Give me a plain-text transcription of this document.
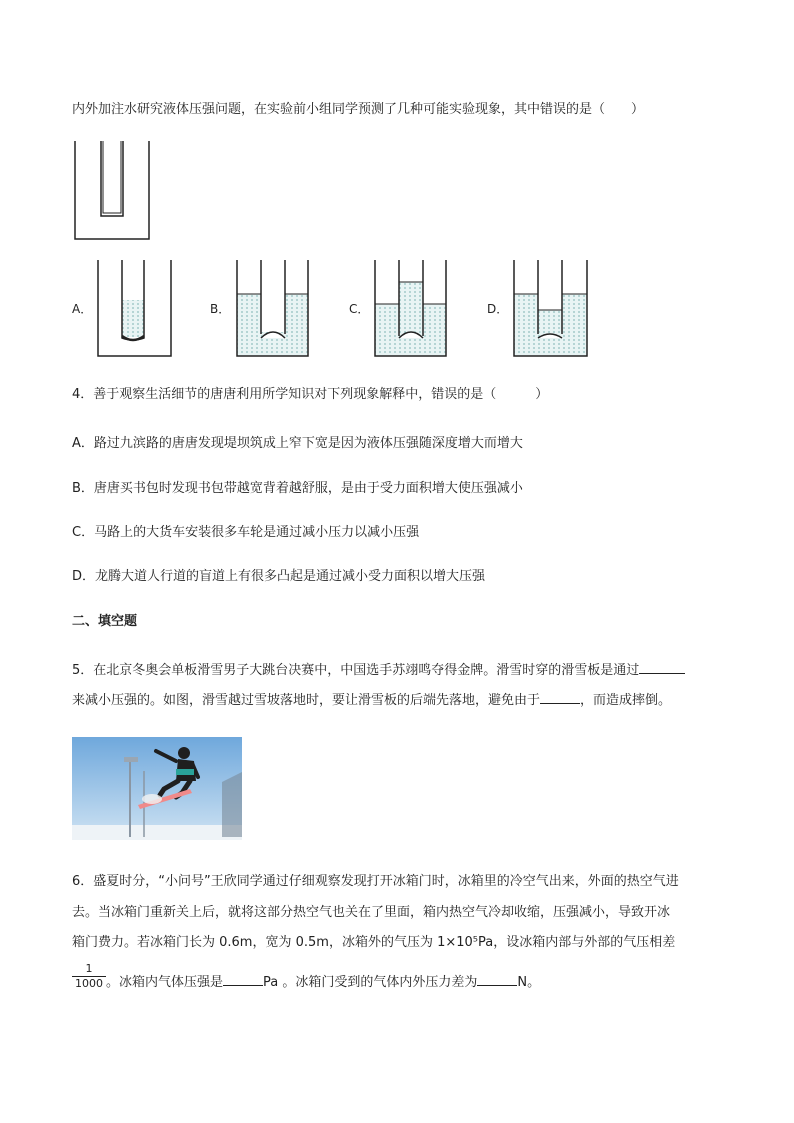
内外加注水研究液体压强问题，在实验前小组同学预测了几种可能实验现象，其中错误的是（　　）
A．	B．	C．	D．
4．善于观察生活细节的唐唐利用所学知识对下列现象解释中，错误的是（　　　）
A．路过九滨路的唐唐发现堤坝筑成上窄下宽是因为液体压强随深度增大而增大
B．唐唐买书包时发现书包带越宽背着越舒服，是由于受力面积增大使压强减小
C．马路上的大货车安装很多车轮是通过减小压力以减小压强
D．龙腾大道人行道的盲道上有很多凸起是通过减小受力面积以增大压强
二、填空题
5．在北京冬奥会单板滑雪男子大跳台决赛中，中国选手苏翊鸣夺得金牌。滑雪时穿的滑雪板是通过
来减小压强的。如图，滑雪越过雪坡落地时，要让滑雪板的后端先落地，避免由于	，而造成摔倒。
6．盛夏时分，“小问号”王欣同学通过仔细观察发现打开冰箱门时，冰箱里的冷空气出来，外面的热空气进
去。当冰箱门重新关上后，就将这部分热空气也关在了里面，箱内热空气冷却收缩，压强减小，导致开冰
箱门费力。若冰箱门长为 0.6m，宽为 0.5m，冰箱外的气压为 1×10⁵Pa，设冰箱内部与外部的气压相差
$\frac{1}{1000}$ 。冰箱内气体压强是	Pa 。冰箱门受到的气体内外压力差为	N。
